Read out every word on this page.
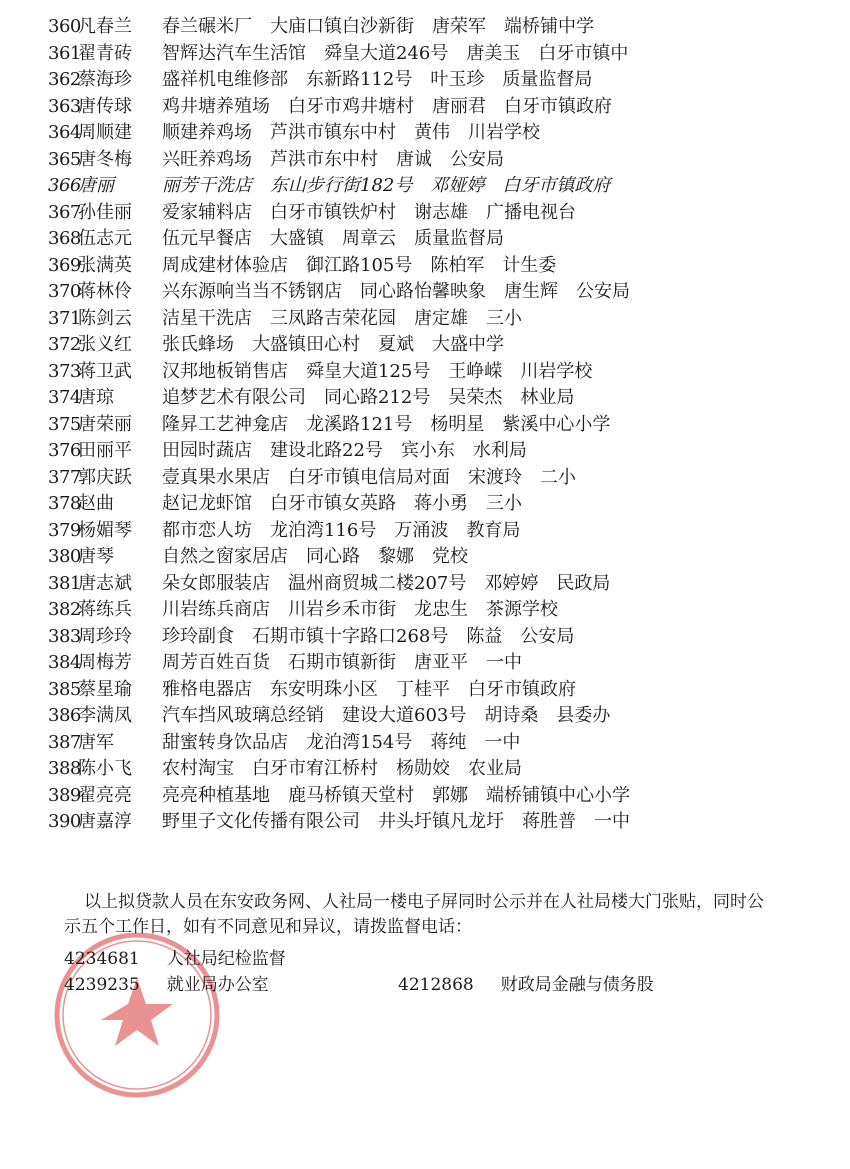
360凡春兰 春兰碾米厂 大庙口镇白沙新街 唐荣军 端桥铺中学
361翟青砖 智辉达汽车生活馆 舜皇大道246号 唐美玉 白牙市镇中
362蔡海珍 盛祥机电维修部 东新路112号 叶玉珍 质量监督局
363唐传球 鸡井塘养殖场 白牙市鸡井塘村 唐丽君 白牙市镇政府
364周顺建 顺建养鸡场 芦洪市镇东中村 黄伟 川岩学校
365唐冬梅 兴旺养鸡场 芦洪市东中村 唐诚 公安局
366唐丽	丽芳干洗店 东山步行街182号 邓娅婷 白牙市镇政府
367孙佳丽 爱家辅料店 白牙市镇铁炉村 谢志雄 广播电视台
368伍志元 伍元早餐店 大盛镇 周章云 质量监督局
369张满英 周成建材体验店 御江路105号 陈柏军 计生委
370蒋林伶 兴东源响当当不锈钢店 同心路怡馨映象 唐生辉 公安局
371陈剑云 洁星干洗店 三凤路吉荣花园 唐定雄 三小
372张义红 张氏蜂场 大盛镇田心村 夏斌 大盛中学
373蒋卫武 汉邦地板销售店 舜皇大道125号 王峥嵘 川岩学校
374唐琼	追梦艺术有限公司 同心路212号 吴荣杰 林业局
375唐荣丽 隆昇工艺神龛店 龙溪路121号 杨明星 紫溪中心小学
376田丽平 田园时蔬店 建设北路22号 宾小东 水利局
377郭庆跃 壹真果水果店 白牙市镇电信局对面 宋渡玲 二小
378赵曲	赵记龙虾馆 白牙市镇女英路 蒋小勇 三小
379杨媚琴 都市恋人坊 龙泊湾116号 万涌波 教育局
380唐琴	自然之窗家居店 同心路 黎娜 党校
381唐志斌 朵女郎服装店 温州商贸城二楼207号 邓婷婷 民政局
382蒋练兵 川岩练兵商店 川岩乡禾市街 龙忠生 茶源学校
383周珍玲 珍玲副食 石期市镇十字路口268号 陈益 公安局
384周梅芳 周芳百姓百货 石期市镇新街 唐亚平 一中
385蔡星瑜 雅格电器店 东安明珠小区 丁桂平 白牙市镇政府
386李满凤 汽车挡风玻璃总经销 建设大道603号 胡诗桑 县委办
387唐军	甜蜜转身饮品店 龙泊湾154号 蒋纯 一中
388陈小飞 农村淘宝 白牙市宥江桥村 杨勋姣 农业局
389翟亮亮 亮亮种植基地 鹿马桥镇天堂村 郭娜 端桥铺镇中心小学
390唐嘉淳 野里子文化传播有限公司 井头圩镇凡龙圩 蒋胜普 一中

以上拟贷款人员在东安政务网、人社局一楼电子屏同时公示并在人社局楼大门张贴，同时公示五个工作日，如有不同意见和异议，请拨监督电话：

4234681 人社局纪检监督
4239235 就业局办公室	4212868 财政局金融与债务股
